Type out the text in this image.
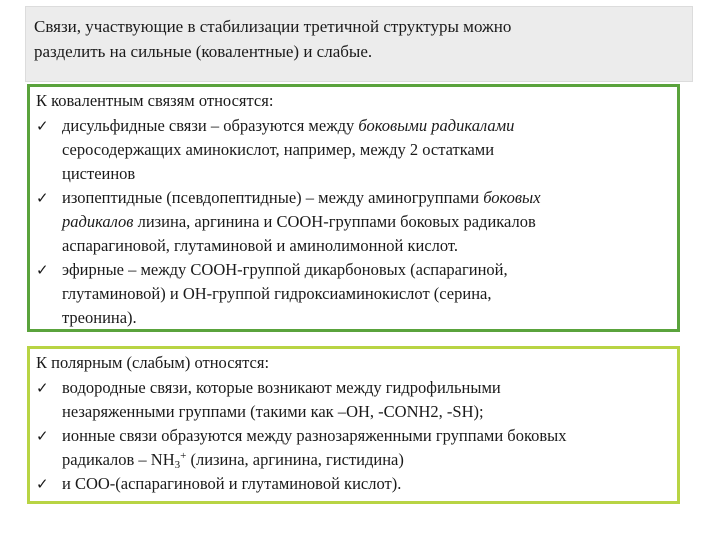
Связи, участвующие в стабилизации третичной структуры можно
разделить на сильные (ковалентные) и слабые.
К ковалентным связям относятся:
✓ дисульфидные связи – образуются между боковыми радикалами
серосодержащих аминокислот, например, между 2 остатками
цистеинов
✓ изопептидные (псевдопептидные) – между аминогруппами боковых
радикалов лизина, аргинина и СООН-группами боковых радикалов
аспарагиновой, глутаминовой и аминолимонной кислот.
✓ эфирные – между СООН-группой дикарбоновых (аспарагиной,
глутаминовой) и ОН-группой гидроксиаминокислот (серина,
треонина).
К полярным (слабым) относятся:
✓ водородные связи, которые возникают между гидрофильными
незаряженными группами (такими как –ОН, -CONH2, -SH);
✓ ионные связи образуются между разнозаряженными группами боковых
радикалов – $NH_3^+$ (лизина, аргинина, гистидина)
✓ и СОО-(аспарагиновой и глутаминовой кислот).
